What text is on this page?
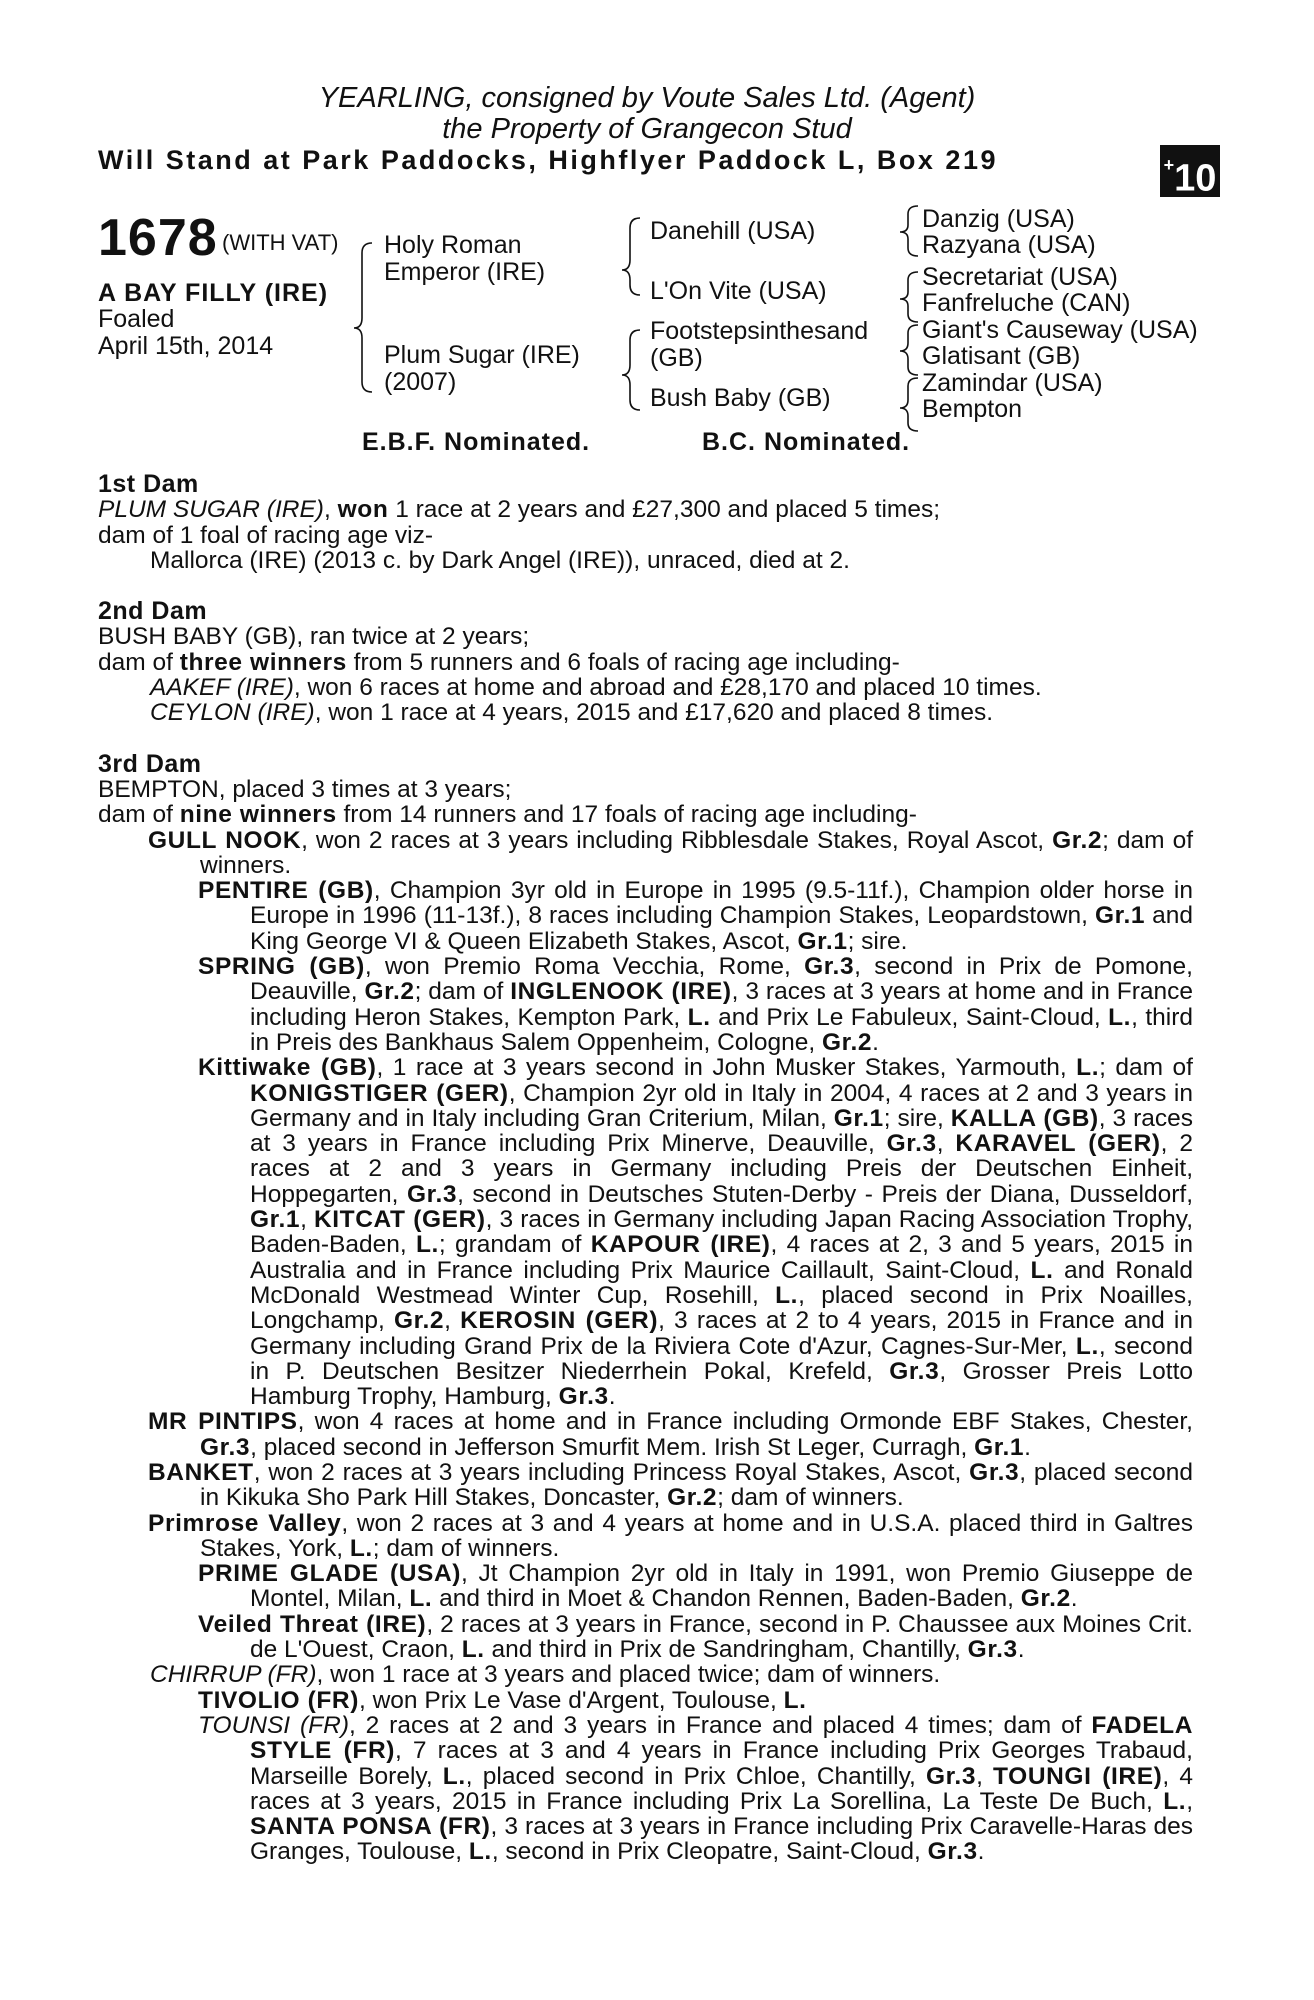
YEARLING, consigned by Voute Sales Ltd. (Agent)
the Property of Grangecon Stud
Will Stand at Park Paddocks, Highflyer Paddock L, Box 219	+10
1678 (WITH VAT)
A BAY FILLY (IRE)
Foaled
April 15th, 2014
Holy Roman
Emperor (IRE)
Plum Sugar (IRE)
(2007)
Danehill (USA)
L'On Vite (USA)
Footstepsinthesand
(GB)
Bush Baby (GB)
Danzig (USA)
Razyana (USA)
Secretariat (USA)
Fanfreluche (CAN)
Giant's Causeway (USA)
Glatisant (GB)
Zamindar (USA)
Bempton
E.B.F. Nominated.	B.C. Nominated.

1st Dam

PLUM SUGAR (IRE), won 1 race at 2 years and £27,300 and placed 5 times;

dam of 1 foal of racing age viz-

Mallorca (IRE) (2013 c. by Dark Angel (IRE)), unraced, died at 2.

2nd Dam

BUSH BABY (GB), ran twice at 2 years;

dam of three winners from 5 runners and 6 foals of racing age including-

AAKEF (IRE), won 6 races at home and abroad and £28,170 and placed 10 times.

CEYLON (IRE), won 1 race at 4 years, 2015 and £17,620 and placed 8 times.

3rd Dam

BEMPTON, placed 3 times at 3 years;

dam of nine winners from 14 runners and 17 foals of racing age including-

GULL NOOK, won 2 races at 3 years including Ribblesdale Stakes, Royal Ascot, Gr.2; dam of winners.

PENTIRE (GB), Champion 3yr old in Europe in 1995 (9.5-11f.), Champion older horse in Europe in 1996 (11-13f.), 8 races including Champion Stakes, Leopardstown, Gr.1 and King George VI & Queen Elizabeth Stakes, Ascot, Gr.1; sire.

SPRING (GB), won Premio Roma Vecchia, Rome, Gr.3, second in Prix de Pomone, Deauville, Gr.2; dam of INGLENOOK (IRE), 3 races at 3 years at home and in France including Heron Stakes, Kempton Park, L. and Prix Le Fabuleux, Saint-Cloud, L., third in Preis des Bankhaus Salem Oppenheim, Cologne, Gr.2.

Kittiwake (GB), 1 race at 3 years second in John Musker Stakes, Yarmouth, L.; dam of KONIGSTIGER (GER), Champion 2yr old in Italy in 2004, 4 races at 2 and 3 years in Germany and in Italy including Gran Criterium, Milan, Gr.1; sire, KALLA (GB), 3 races at 3 years in France including Prix Minerve, Deauville, Gr.3, KARAVEL (GER), 2 races at 2 and 3 years in Germany including Preis der Deutschen Einheit, Hoppegarten, Gr.3, second in Deutsches Stuten-Derby - Preis der Diana, Dusseldorf, Gr.1, KITCAT (GER), 3 races in Germany including Japan Racing Association Trophy, Baden-Baden, L.; grandam of KAPOUR (IRE), 4 races at 2, 3 and 5 years, 2015 in Australia and in France including Prix Maurice Caillault, Saint-Cloud, L. and Ronald McDonald Westmead Winter Cup, Rosehill, L., placed second in Prix Noailles, Longchamp, Gr.2, KEROSIN (GER), 3 races at 2 to 4 years, 2015 in France and in Germany including Grand Prix de la Riviera Cote d'Azur, Cagnes-Sur-Mer, L., second in P. Deutschen Besitzer Niederrhein Pokal, Krefeld, Gr.3, Grosser Preis Lotto Hamburg Trophy, Hamburg, Gr.3.

MR PINTIPS, won 4 races at home and in France including Ormonde EBF Stakes, Chester, Gr.3, placed second in Jefferson Smurfit Mem. Irish St Leger, Curragh, Gr.1.

BANKET, won 2 races at 3 years including Princess Royal Stakes, Ascot, Gr.3, placed second in Kikuka Sho Park Hill Stakes, Doncaster, Gr.2; dam of winners.

Primrose Valley, won 2 races at 3 and 4 years at home and in U.S.A. placed third in Galtres Stakes, York, L.; dam of winners.

PRIME GLADE (USA), Jt Champion 2yr old in Italy in 1991, won Premio Giuseppe de Montel, Milan, L. and third in Moet & Chandon Rennen, Baden-Baden, Gr.2.

Veiled Threat (IRE), 2 races at 3 years in France, second in P. Chaussee aux Moines Crit. de L'Ouest, Craon, L. and third in Prix de Sandringham, Chantilly, Gr.3.

CHIRRUP (FR), won 1 race at 3 years and placed twice; dam of winners.

TIVOLIO (FR), won Prix Le Vase d'Argent, Toulouse, L.

TOUNSI (FR), 2 races at 2 and 3 years in France and placed 4 times; dam of FADELA STYLE (FR), 7 races at 3 and 4 years in France including Prix Georges Trabaud, Marseille Borely, L., placed second in Prix Chloe, Chantilly, Gr.3, TOUNGI (IRE), 4 races at 3 years, 2015 in France including Prix La Sorellina, La Teste De Buch, L., SANTA PONSA (FR), 3 races at 3 years in France including Prix Caravelle-Haras des Granges, Toulouse, L., second in Prix Cleopatre, Saint-Cloud, Gr.3.
